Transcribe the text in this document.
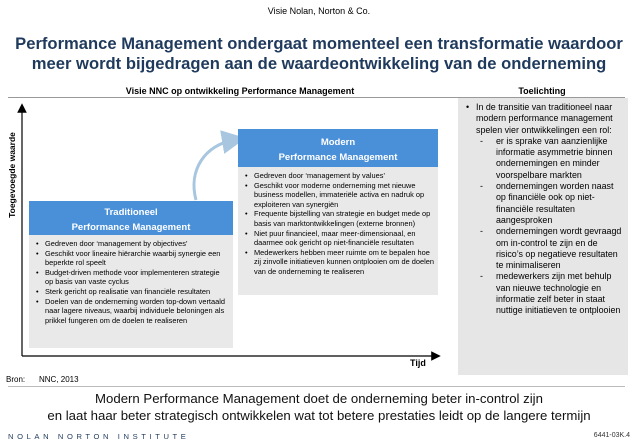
Visie Nolan, Norton & Co.
Performance Management ondergaat momenteel een transformatie waardoor
meer wordt bijgedragen aan de waardeontwikkeling van de onderneming
Visie NNC op ontwikkeling Performance Management	Toelichting
Toegevoegde waarde
Tijd
Traditioneel
Performance Management
• Gedreven door ‘management by objectives’
• Geschikt voor lineaire hiërarchie waarbij synergie een beperkte rol speelt
• Budget-driven methode voor implementeren strategie op basis van vaste cyclus
• Sterk gericht op realisatie van financiële resultaten
• Doelen van de onderneming worden top-down vertaald naar lagere niveaus, waarbij individuele beloningen als prikkel fungeren om de doelen te realiseren
Modern
Performance Management
• Gedreven door ‘management by values’
• Geschikt voor moderne onderneming met nieuwe business modellen, immateriële activa en nadruk op exploiteren van synergiën
• Frequente bijstelling van strategie en budget mede op basis van marktontwikkelingen (externe bronnen)
• Niet puur financieel, maar meer-dimensionaal, en daarmee ook gericht op niet-financiële resultaten
• Medewerkers hebben meer ruimte om te bepalen hoe zij zinvolle initiatieven kunnen ontplooien om de doelen van de onderneming te realiseren
• In de transitie van traditioneel naar modern performance management spelen vier ontwikkelingen een rol:
- er is sprake van aanzienlijke informatie asymmetrie binnen ondernemingen en minder voorspelbare markten
- ondernemingen worden naast op financiële ook op niet-financiële resultaten aangesproken
- ondernemingen wordt gevraagd om in-control te zijn en de risico’s op negatieve resultaten te minimaliseren
- medewerkers zijn met behulp van nieuwe technologie en informatie zelf beter in staat nuttige initiatieven te ontplooien
Bron: NNC, 2013
Modern Performance Management doet de onderneming beter in-control zijn
en laat haar beter strategisch ontwikkelen wat tot betere prestaties leidt op de langere termijn
NOLAN NORTON INSTITUTE	6441-03K.4
